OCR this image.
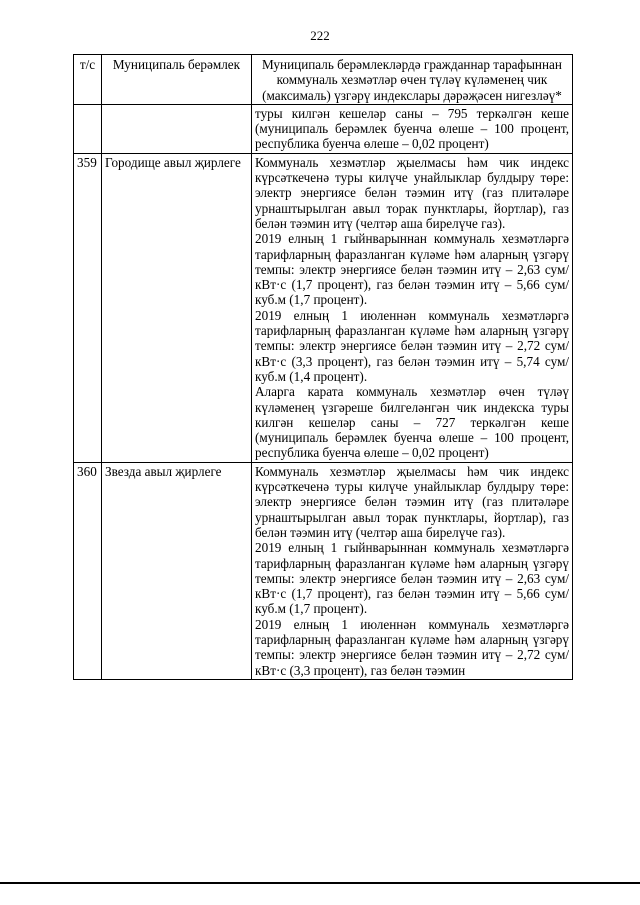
222
т/с	Муниципаль берәмлек	Муниципаль берәмлекләрдә гражданнар тарафыннан коммуналь хезмәтләр өчен түләү күләменең чик (максималь) үзгәрү индекслары дәрәҗәсен нигезләү*

		туры килгән кешеләр саны – 795 теркәлгән кеше (муниципаль берәмлек буенча өлеше – 100 процент, республика буенча өлеше – 0,02 процент)

359	Городище авыл җирлеге	Коммуналь хезмәтләр җыелмасы һәм чик индекс күрсәткеченә туры килүче унайлыклар булдыру төре: электр энергиясе белән тәэмин итү (газ плитәләре урнаштырылган авыл торак пунктлары, йортлар), газ белән тәэмин итү (челтәр аша бирелүче газ).

2019 елның 1 гыйнварыннан коммуналь хезмәтләргә тарифларның фаразланган күләме һәм аларның үзгәрү темпы: электр энергиясе белән тәэмин итү – 2,63 сум/кВт·с (1,7 процент), газ белән тәэмин итү – 5,66 сум/куб.м (1,7 процент).

2019 елның 1 июленнән коммуналь хезмәтләргә тарифларның фаразланган күләме һәм аларның үзгәрү темпы: электр энергиясе белән тәэмин итү – 2,72 сум/кВт·с (3,3 процент), газ белән тәэмин итү – 5,74 сум/куб.м (1,4 процент).

Аларга карата коммуналь хезмәтләр өчен түләү күләменең үзгәреше билгеләнгән чик индекска туры килгән кешеләр саны – 727 теркәлгән кеше (муниципаль берәмлек буенча өлеше – 100 процент, республика буенча өлеше – 0,02 процент)

360	Звезда авыл җирлеге	Коммуналь хезмәтләр җыелмасы һәм чик индекс күрсәткеченә туры килүче унайлыклар булдыру төре: электр энергиясе белән тәэмин итү (газ плитәләре урнаштырылган авыл торак пунктлары, йортлар), газ белән тәэмин итү (челтәр аша бирелүче газ).

2019 елның 1 гыйнварыннан коммуналь хезмәтләргә тарифларның фаразланган күләме һәм аларның үзгәрү темпы: электр энергиясе белән тәэмин итү – 2,63 сум/кВт·с (1,7 процент), газ белән тәэмин итү – 5,66 сум/куб.м (1,7 процент).

2019 елның 1 июленнән коммуналь хезмәтләргә тарифларның фаразланган күләме һәм аларның үзгәрү темпы: электр энергиясе белән тәэмин итү – 2,72 сум/кВт·с (3,3 процент), газ белән тәэмин
